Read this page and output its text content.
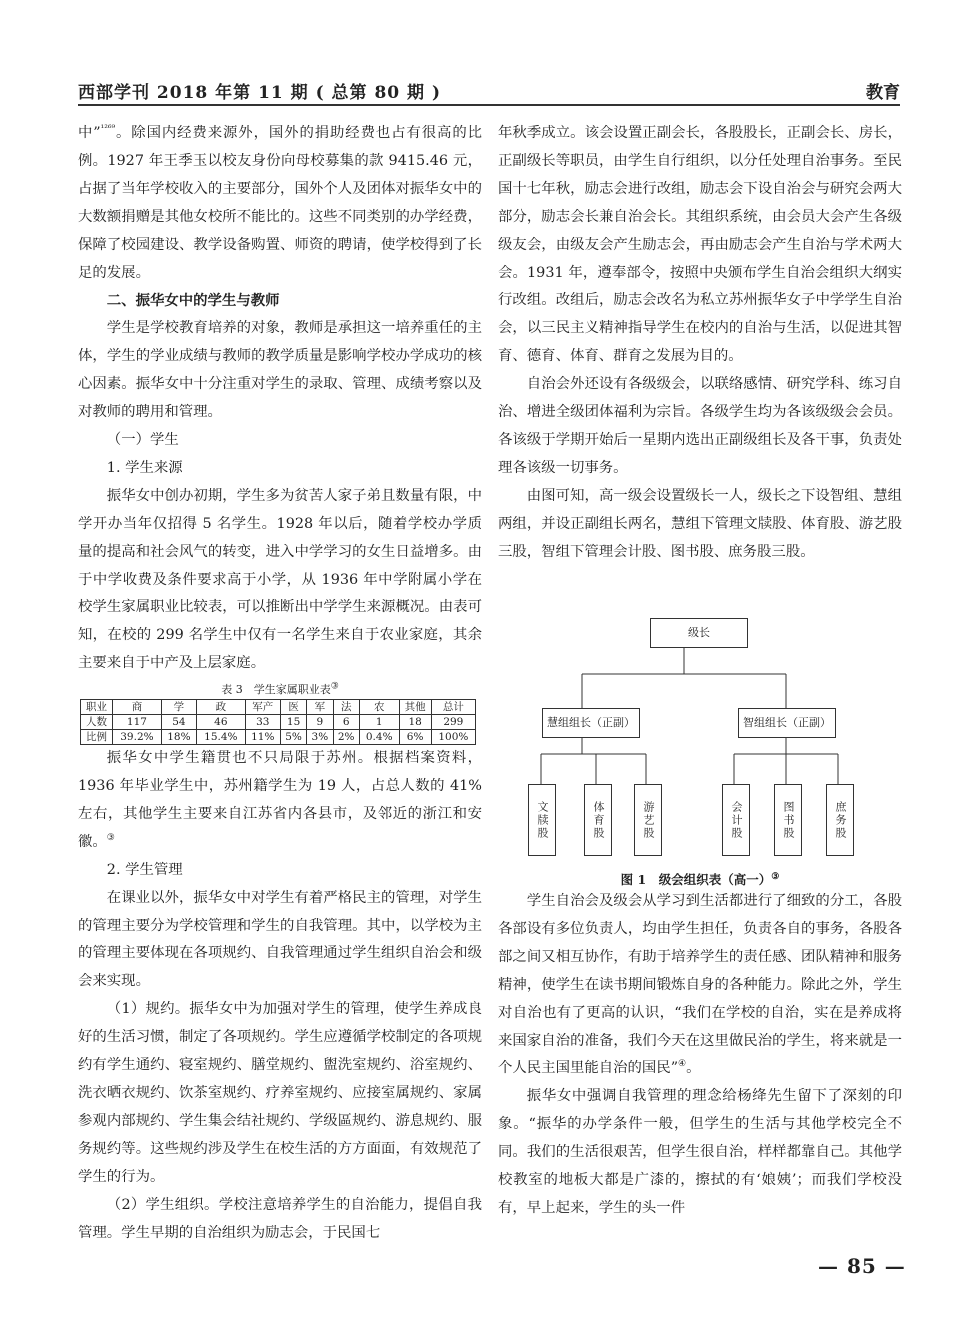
西部学刊 2018 年第 11 期 ( 总第 80 期 )	教育

中”$^{^{1269}}$。除国内经费来源外，国外的捐助经费也占有很高的比例。1927 年王季玉以校友身份向母校募集的款 9415.46 元，占据了当年学校收入的主要部分，国外个人及团体对振华女中的大数额捐赠是其他女校所不能比的。这些不同类别的办学经费，保障了校园建设、教学设备购置、师资的聘请，使学校得到了长足的发展。

二、振华女中的学生与教师

学生是学校教育培养的对象，教师是承担这一培养重任的主体，学生的学业成绩与教师的教学质量是影响学校办学成功的核心因素。振华女中十分注重对学生的录取、管理、成绩考察以及对教师的聘用和管理。

（一）学生

1. 学生来源

振华女中创办初期，学生多为贫苦人家子弟且数量有限，中学开办当年仅招得 5 名学生。1928 年以后，随着学校办学质量的提高和社会风气的转变，进入中学学习的女生日益增多。由于中学收费及条件要求高于小学，从 1936 年中学附属小学在校学生家属职业比较表，可以推断出中学学生来源概况。由表可知，在校的 299 名学生中仅有一名学生来自于农业家庭，其余主要来自于中产及上层家庭。

表 3　学生家属职业表③
职业	商	学	政	军产	医	军	法	农	其他	总计
人数	117	54	46	33	15	9	6	1	18	299
比例	39.2%	18%	15.4%	11%	5%	3%	2%	0.4%	6%	100%

振华女中学生籍贯也不只局限于苏州。根据档案资料，1936 年毕业学生中，苏州籍学生为 19 人，占总人数的 41% 左右，其他学生主要来自江苏省内各县市，及邻近的浙江和安徽。③

2. 学生管理

在课业以外，振华女中对学生有着严格民主的管理，对学生的管理主要分为学校管理和学生的自我管理。其中，以学校为主的管理主要体现在各项规约、自我管理通过学生组织自治会和级会来实现。

（1）规约。振华女中为加强对学生的管理，使学生养成良好的生活习惯，制定了各项规约。学生应遵循学校制定的各项规约有学生通约、寝室规约、膳堂规约、盥洗室规约、浴室规约、洗衣晒衣规约、饮茶室规约、疗养室规约、应接室属规约、家属参观内部规约、学生集会结社规约、学级區规约、游息规约、服务规约等。这些规约涉及学生在校生活的方方面面，有效规范了学生的行为。

（2）学生组织。学校注意培养学生的自治能力，提倡自我管理。学生早期的自治组织为励志会，于民国七

年秋季成立。该会设置正副会长，各股股长，正副会长、房长，正副级长等职员，由学生自行组织，以分任处理自治事务。至民国十七年秋，励志会进行改组，励志会下设自治会与研究会两大部分，励志会长兼自治会长。其组织系统，由会员大会产生各级级友会，由级友会产生励志会，再由励志会产生自治与学术两大会。1931 年，遵奉部令，按照中央颁布学生自治会组织大纲实行改组。改组后，励志会改名为私立苏州振华女子中学学生自治会，以三民主义精神指导学生在校内的自治与生活，以促进其智育、德育、体育、群育之发展为目的。

自治会外还设有各级级会，以联络感情、研究学科、练习自治、增进全级团体福利为宗旨。各级学生均为各该级级会会员。各该级于学期开始后一星期内选出正副级组长及各干事，负责处理各该级一切事务。

由图可知，高一级会设置级长一人，级长之下设智组、慧组两组，并设正副组长两名，慧组下管理文牍股、体育股、游艺股三股，智组下管理会计股、图书股、庶务股三股。

级长
慧组组长（正副）	智组组长（正副）
文牍股	体育股	游艺股	会计股	图书股	庶务股
图 1　级会组织表（高一）③

学生自治会及级会从学习到生活都进行了细致的分工，各股各部设有多位负责人，均由学生担任，负责各自的事务，各股各部之间又相互协作，有助于培养学生的责任感、团队精神和服务精神，使学生在读书期间锻炼自身的各种能力。除此之外，学生对自治也有了更高的认识，“我们在学校的自治，实在是养成将来国家自治的准备，我们今天在这里做民治的学生，将来就是一个人民主国里能自治的国民”④。

振华女中强调自我管理的理念给杨绛先生留下了深刻的印象。“振华的办学条件一般，但学生的生活与其他学校完全不同。我们的生活很艰苦，但学生很自治，样样都靠自己。其他学校教室的地板大都是广漆的，擦拭的有‘娘姨’；而我们学校没有，早上起来，学生的头一件

— 85 —
